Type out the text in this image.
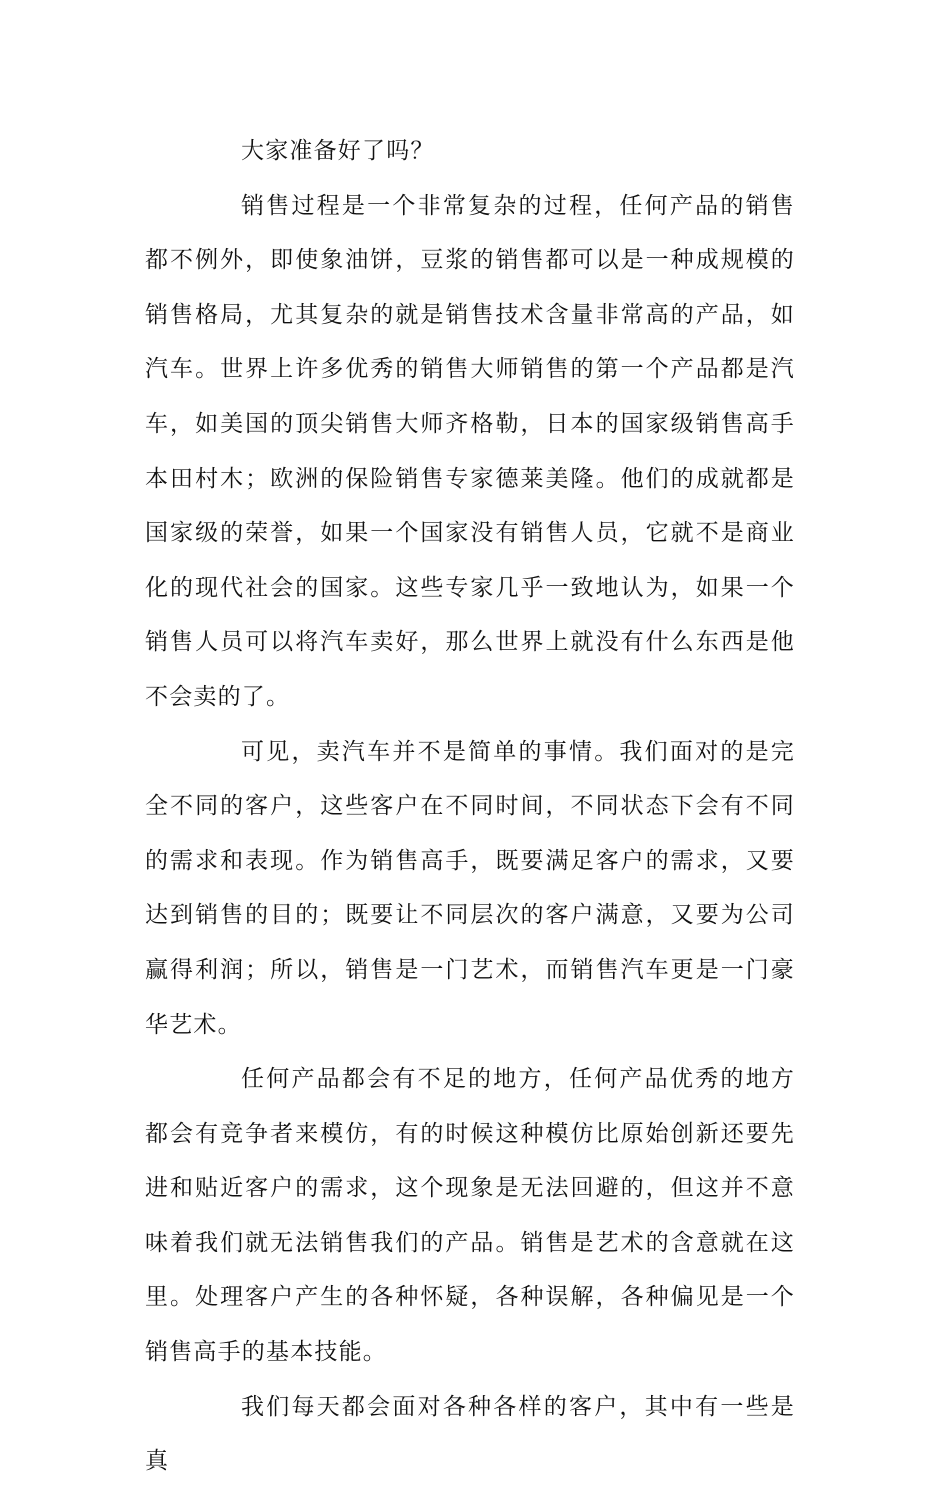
大家准备好了吗？

销售过程是一个非常复杂的过程，任何产品的销售都不例外，即使象油饼，豆浆的销售都可以是一种成规模的销售格局，尤其复杂的就是销售技术含量非常高的产品，如汽车。世界上许多优秀的销售大师销售的第一个产品都是汽车，如美国的顶尖销售大师齐格勒，日本的国家级销售高手本田村木；欧洲的保险销售专家德莱美隆。他们的成就都是国家级的荣誉，如果一个国家没有销售人员，它就不是商业化的现代社会的国家。这些专家几乎一致地认为，如果一个销售人员可以将汽车卖好，那么世界上就没有什么东西是他不会卖的了。

可见，卖汽车并不是简单的事情。我们面对的是完全不同的客户，这些客户在不同时间，不同状态下会有不同的需求和表现。作为销售高手，既要满足客户的需求，又要达到销售的目的；既要让不同层次的客户满意，又要为公司赢得利润；所以，销售是一门艺术，而销售汽车更是一门豪华艺术。

任何产品都会有不足的地方，任何产品优秀的地方都会有竞争者来模仿，有的时候这种模仿比原始创新还要先进和贴近客户的需求，这个现象是无法回避的，但这并不意味着我们就无法销售我们的产品。销售是艺术的含意就在这里。处理客户产生的各种怀疑，各种误解，各种偏见是一个销售高手的基本技能。

我们每天都会面对各种各样的客户，其中有一些是真
